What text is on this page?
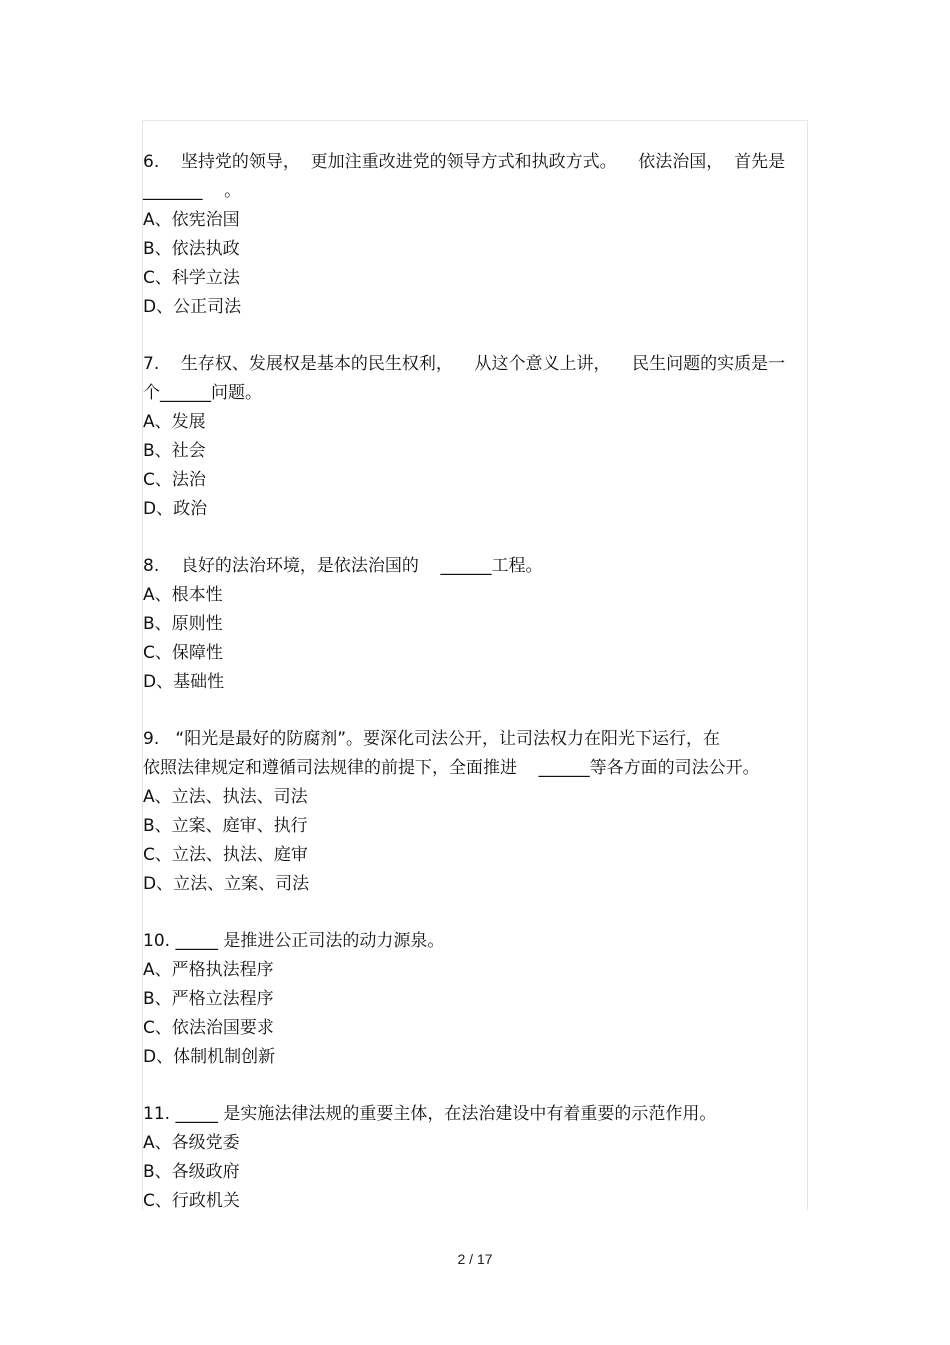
6.    坚持党的领导，  更加注重改进党的领导方式和执政方式。    依法治国，  首先是

_______    。

A、依宪治国

B、依法执政

C、科学立法

D、公正司法

7.    生存权、发展权是基本的民生权利，    从这个意义上讲，    民生问题的实质是一

个______问题。

A、发展

B、社会

C、法治

D、政治

8.    良好的法治环境，是依法治国的    ______工程。

A、根本性

B、原则性

C、保障性

D、基础性

9.   “阳光是最好的防腐剂”。要深化司法公开，让司法权力在阳光下运行，在

依照法律规定和遵循司法规律的前提下，全面推进    ______等各方面的司法公开。

A、立法、执法、司法

B、立案、庭审、执行

C、立法、执法、庭审

D、立法、立案、司法

10. _____ 是推进公正司法的动力源泉。

A、严格执法程序

B、严格立法程序

C、依法治国要求

D、体制机制创新

11. _____ 是实施法律法规的重要主体，在法治建设中有着重要的示范作用。

A、各级党委

B、各级政府

C、行政机关

2 / 17
